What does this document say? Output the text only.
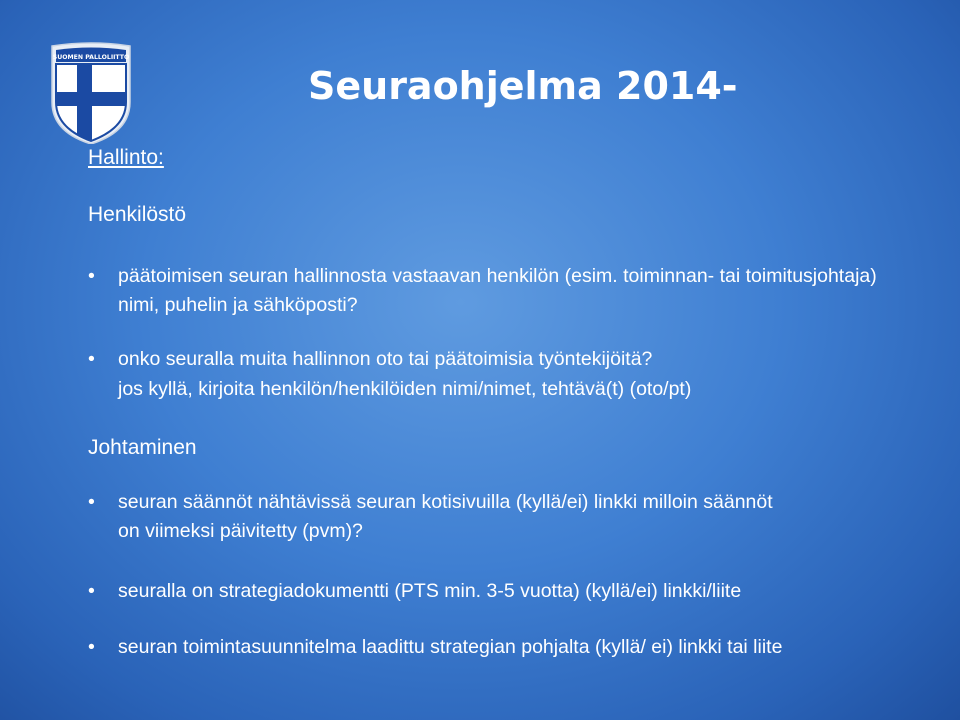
SUOMEN PALLOLIITTO
Seuraohjelma 2014-
Hallinto:
Henkilöstö
• päätoimisen seuran hallinnosta vastaavan henkilön (esim. toiminnan- tai toimitusjohtaja) nimi, puhelin ja sähköposti?
• onko seuralla muita hallinnon oto tai päätoimisia työntekijöitä?
jos kyllä, kirjoita henkilön/henkilöiden nimi/nimet, tehtävä(t) (oto/pt)
Johtaminen
• seuran säännöt nähtävissä seuran kotisivuilla (kyllä/ei) linkki milloin säännöt on viimeksi päivitetty (pvm)?
• seuralla on strategiadokumentti (PTS min. 3-5 vuotta) (kyllä/ei) linkki/liite
• seuran toimintasuunnitelma laadittu strategian pohjalta (kyllä/ ei) linkki tai liite
